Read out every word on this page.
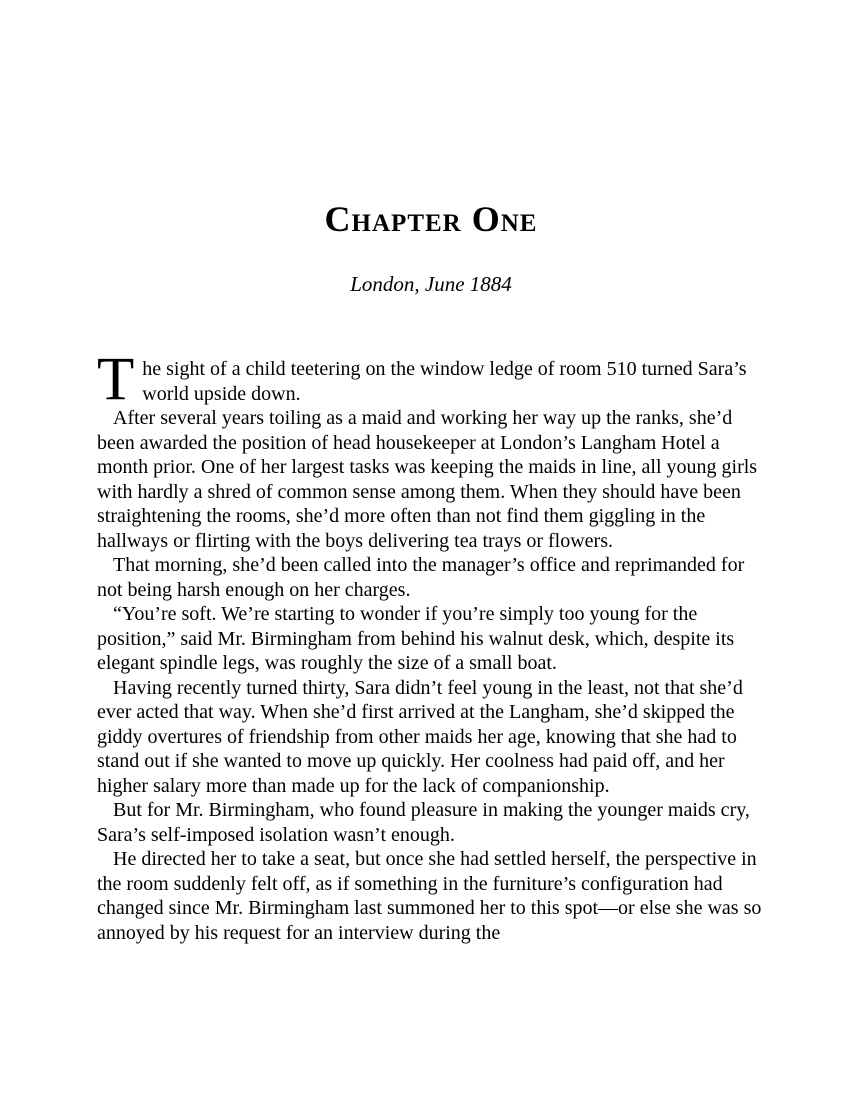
Chapter One
London, June 1884

The sight of a child teetering on the window ledge of room 510 turned Sara’s world upside down.

After several years toiling as a maid and working her way up the ranks, she’d been awarded the position of head housekeeper at London’s Langham Hotel a month prior. One of her largest tasks was keeping the maids in line, all young girls with hardly a shred of common sense among them. When they should have been straightening the rooms, she’d more often than not find them giggling in the hallways or flirting with the boys delivering tea trays or flowers.

That morning, she’d been called into the manager’s office and reprimanded for not being harsh enough on her charges.

“You’re soft. We’re starting to wonder if you’re simply too young for the position,” said Mr. Birmingham from behind his walnut desk, which, despite its elegant spindle legs, was roughly the size of a small boat.

Having recently turned thirty, Sara didn’t feel young in the least, not that she’d ever acted that way. When she’d first arrived at the Langham, she’d skipped the giddy overtures of friendship from other maids her age, knowing that she had to stand out if she wanted to move up quickly. Her coolness had paid off, and her higher salary more than made up for the lack of companionship.

But for Mr. Birmingham, who found pleasure in making the younger maids cry, Sara’s self-imposed isolation wasn’t enough.

He directed her to take a seat, but once she had settled herself, the perspective in the room suddenly felt off, as if something in the furniture’s configuration had changed since Mr. Birmingham last summoned her to this spot—or else she was so annoyed by his request for an interview during the
